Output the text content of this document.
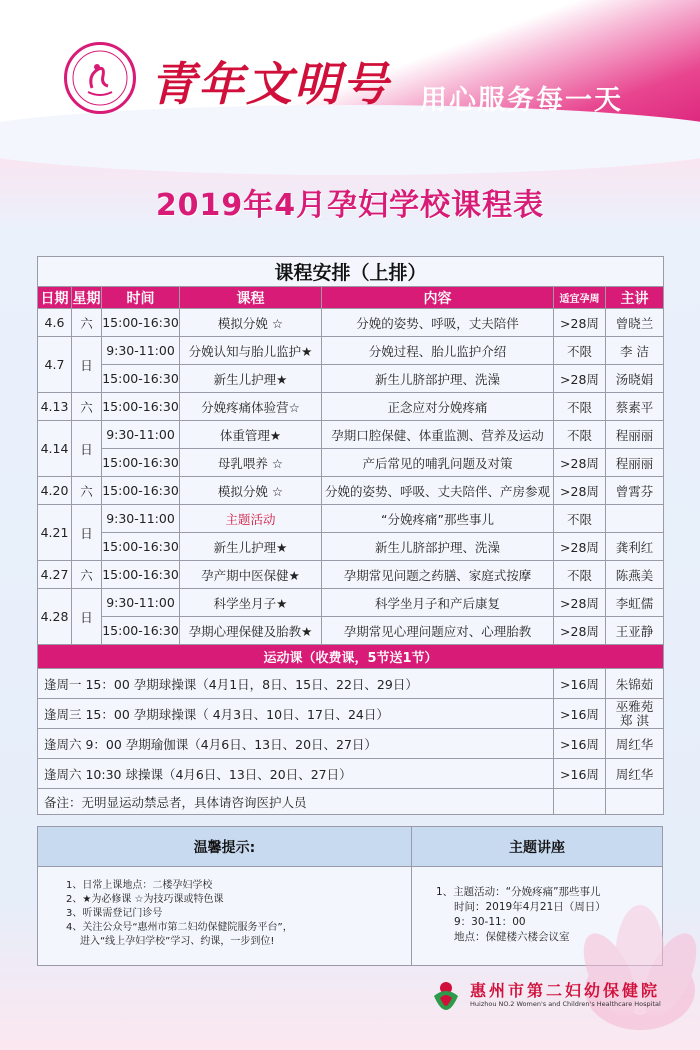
青年文明号 用心服务每一天
2019年4月孕妇学校课程表
课程安排（上排）						
日期	星期	时间	课程	内容	适宜孕周	主讲
4.6	六	15:00-16:30	模拟分娩 ☆	分娩的姿势、呼吸，丈夫陪伴	>28周	曾晓兰
4.7	日	9:30-11:00	分娩认知与胎儿监护★	分娩过程、胎儿监护介绍	不限	李 洁
		15:00-16:30	新生儿护理★	新生儿脐部护理、洗澡	>28周	汤晓娟
4.13	六	15:00-16:30	分娩疼痛体验营☆	正念应对分娩疼痛	不限	蔡素平
4.14	日	9:30-11:00	体重管理★	孕期口腔保健、体重监测、营养及运动	不限	程丽丽
		15:00-16:30	母乳喂养 ☆	产后常见的哺乳问题及对策	>28周	程丽丽
4.20	六	15:00-16:30	模拟分娩 ☆	分娩的姿势、呼吸、丈夫陪伴、产房参观	>28周	曾霄芬
4.21	日	9:30-11:00	主题活动	“分娩疼痛”那些事儿	不限	
		15:00-16:30	新生儿护理★	新生儿脐部护理、洗澡	>28周	龚利红
4.27	六	15:00-16:30	孕产期中医保健★	孕期常见问题之药膳、家庭式按摩	不限	陈燕美
4.28	日	9:30-11:00	科学坐月子★	科学坐月子和产后康复	>28周	李虹儒
		15:00-16:30	孕期心理保健及胎教★	孕期常见心理问题应对、心理胎教	>28周	王亚静
运动课（收费课，5节送1节）						
逢周一 15：00 孕期球操课（4月1日，8日、15日、22日、29日）					>16周	朱锦茹
逢周三 15：00 孕期球操课（ 4月3日、10日、17日、24日）					>16周	巫雅苑
郑 淇
逢周六 9：00 孕期瑜伽课（4月6日、13日、20日、27日）					>16周	周红华
逢周六 10:30 球操课（4月6日、13日、20日、27日）					>16周	周红华
备注：无明显运动禁忌者，具体请咨询医护人员						
温馨提示:	主题讲座
1、日常上课地点：二楼孕妇学校
2、★为必修课 ☆为技巧课或特色课
3、听课需登记门诊号
4、关注公众号“惠州市第二妇幼保健院服务平台”，
进入“线上孕妇学校”学习、约课，一步到位!
1、主题活动：“分娩疼痛”那些事儿
时间：2019年4月21日（周日）
9：30-11：00
地点：保健楼六楼会议室
惠州市第二妇幼保健院
Huizhou NO.2 Women's and Children's Healthcare Hospital
